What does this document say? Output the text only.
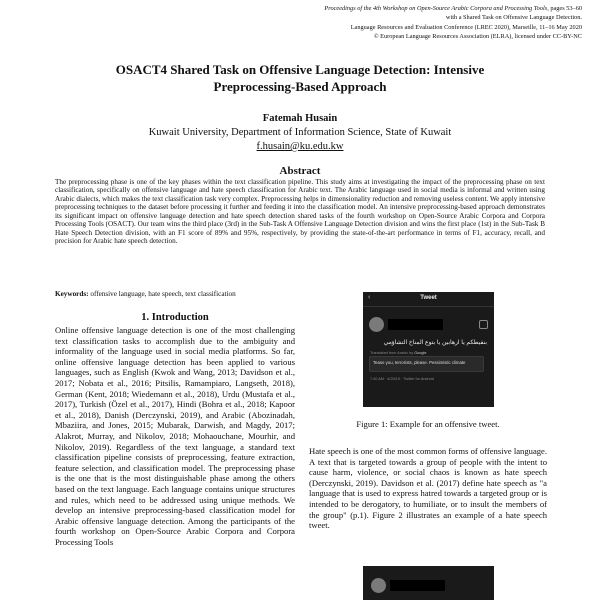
Proceedings of the 4th Workshop on Open-Source Arabic Corpora and Processing Tools, pages 53–60
with a Shared Task on Offensive Language Detection.
Language Resources and Evaluation Conference (LREC 2020), Marseille, 11–16 May 2020
© European Language Resources Association (ELRA), licensed under CC-BY-NC
OSACT4 Shared Task on Offensive Language Detection: Intensive
Preprocessing-Based Approach
Fatemah Husain
Kuwait University, Department of Information Science, State of Kuwait
f.husain@ku.edu.kw
Abstract
The preprocessing phase is one of the key phases within the text classification pipeline. This study aims at investigating the impact of the preprocessing phase on text classification, specifically on offensive language and hate speech classification for Arabic text. The Arabic language used in social media is informal and written using Arabic dialects, which makes the text classification task very complex. Preprocessing helps in dimensionality reduction and removing useless content. We apply intensive preprocessing techniques to the dataset before processing it further and feeding it into the classification model. An intensive preprocessing-based approach demonstrates its significant impact on offensive language detection and hate speech detection shared tasks of the fourth workshop on Open-Source Arabic Corpora and Corpora Processing Tools (OSACT). Our team wins the third place (3rd) in the Sub-Task A Offensive Language Detection division and wins the first place (1st) in the Sub-Task B Hate Speech Detection division, with an F1 score of 89% and 95%, respectively, by providing the state-of-the-art performance in terms of F1, accuracy, recall, and precision for Arabic hate speech detection.
Keywords: offensive language, hate speech, text classification
1. Introduction
Online offensive language detection is one of the most challenging text classification tasks to accomplish due to the ambiguity and informality of the language used in social media platforms. So far, online offensive language detection has been applied to various languages, such as English (Kwok and Wang, 2013; Davidson et al., 2017; Nobata et al., 2016; Pitsilis, Ramampiaro, Langseth, 2018), German (Kent, 2018; Wiedemann et al., 2018), Urdu (Mustafa et al., 2017), Turkish (Özel et al., 2017), Hindi (Bohra et al., 2018; Kapoor et al., 2018), Danish (Derczynski, 2019), and Arabic (Abozinadah, Mbaziira, and Jones, 2015; Mubarak, Darwish, and Magdy, 2017; Alakrot, Murray, and Nikolov, 2018; Mohaouchane, Mourhir, and Nikolov, 2019). Regardless of the text language, a standard text classification pipeline consists of preprocessing, feature extraction, feature selection, and classification model. The preprocessing phase is the one that is the most distinguishable phase among the others based on the text language. Each language contains unique structures and rules, which need to be addressed using unique methods. We develop an intensive preprocessing-based classification model for Arabic offensive language detection. Among the participants of the fourth workshop on Open-Source Arabic Corpora and Corpora Processing Tools
‹	Tweet
بنفيطكم يا ارهابين يا بتوع المناخ التشاؤمي
Translated from Arabic by Google
Tease you, terrorists, please. Pessimistic climate
7:40 AM · 4/20/19 · Twitter for Android
Figure 1: Example for an offensive tweet.
Hate speech is one of the most common forms of offensive language. A text that is targeted towards a group of people with the intent to cause harm, violence, or social chaos is known as hate speech (Derczynski, 2019). Davidson et al. (2017) define hate speech as "a language that is used to express hatred towards a targeted group or is intended to be derogatory, to humiliate, or to insult the members of the group" (p.1). Figure 2 illustrates an example of a hate speech tweet.
